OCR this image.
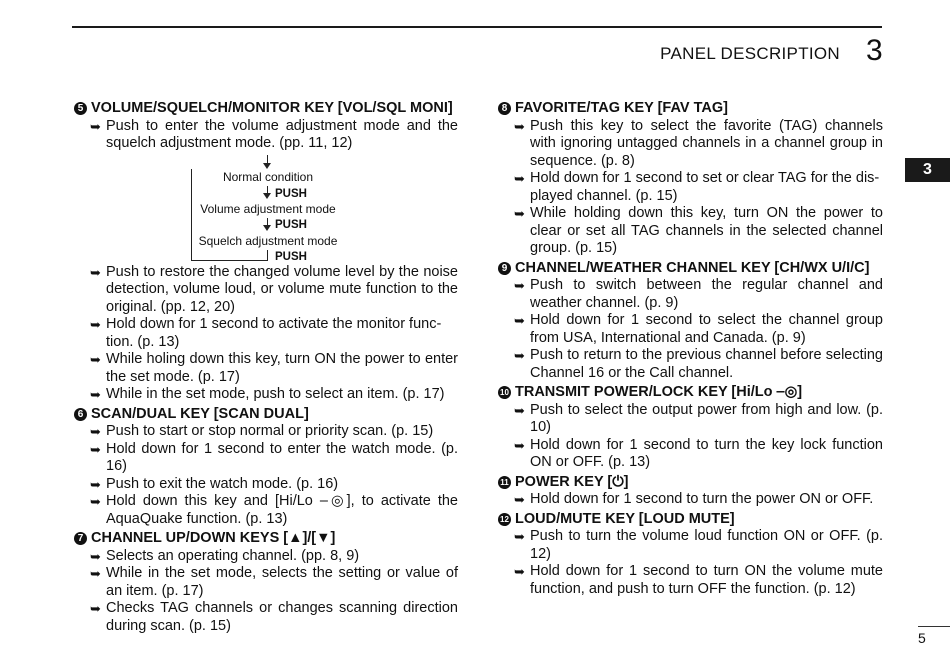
PANEL DESCRIPTION 3
3
5
5 VOLUME/SQUELCH/MONITOR KEY [VOL/SQL MONI]
➥ Push to enter the volume adjustment mode and the squelch adjustment mode. (pp. 11, 12)
Normal condition
PUSH
Volume adjustment mode
PUSH
Squelch adjustment mode
PUSH
➥ Push to restore the changed volume level by the noise detection, volume loud, or volume mute function to the original. (pp. 12, 20)
➥ Hold down for 1 second to activate the monitor func-
tion. (p. 13)
➥ While holing down this key, turn ON the power to enter the set mode. (p. 17)
➥ While in the set mode, push to select an item. (p. 17)
6 SCAN/DUAL KEY [SCAN DUAL]
➥ Push to start or stop normal or priority scan. (p. 15)
➥ Hold down for 1 second to enter the watch mode. (p. 16)
➥ Push to exit the watch mode. (p. 16)
➥ Hold down this key and [Hi/Lo ‒◎], to activate the AquaQuake function. (p. 13)
7 CHANNEL UP/DOWN KEYS [▲]/[▼]
➥ Selects an operating channel. (pp. 8, 9)
➥ While in the set mode, selects the setting or value of an item. (p. 17)
➥ Checks TAG channels or changes scanning direction during scan. (p. 15)
8 FAVORITE/TAG KEY [FAV TAG]
➥ Push this key to select the favorite (TAG) channels with ignoring untagged channels in a channel group in sequence. (p. 8)
➥ Hold down for 1 second to set or clear TAG for the dis-
played channel. (p. 15)
➥ While holding down this key, turn ON the power to clear or set all TAG channels in the selected channel group. (p. 15)
9 CHANNEL/WEATHER CHANNEL KEY [CH/WX U/I/C]
➥ Push to switch between the regular channel and weather channel. (p. 9)
➥ Hold down for 1 second to select the channel group from USA, International and Canada. (p. 9)
➥ Push to return to the previous channel before selecting Channel 16 or the Call channel.
10 TRANSMIT POWER/LOCK KEY [Hi/Lo ‒◎]
➥ Push to select the output power from high and low. (p. 10)
➥ Hold down for 1 second to turn the key lock function ON or OFF. (p. 13)
11 POWER KEY [⏻]
➥ Hold down for 1 second to turn the power ON or OFF.
12 LOUD/MUTE KEY [LOUD MUTE]
➥ Push to turn the volume loud function ON or OFF. (p. 12)
➥ Hold down for 1 second to turn ON the volume mute function, and push to turn OFF the function. (p. 12)
